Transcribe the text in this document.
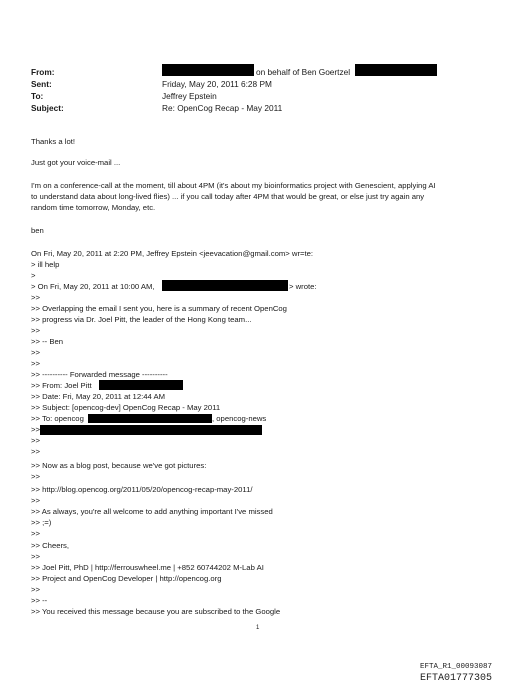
From:	on behalf of Ben Goertzel
Sent:	Friday, May 20, 2011 6:28 PM
To:	Jeffrey Epstein
Subject:	Re: OpenCog Recap - May 2011
Thanks a lot!
Just got your voice-mail ...
I'm on a conference-call at the moment, till about 4PM (it's about my bioinformatics project with Genescient, applying AI
to understand data about long-lived flies) ... if you call today after 4PM that would be great, or else just try again any
random time tomorrow, Monday, etc.
ben
On Fri, May 20, 2011 at 2:20 PM, Jeffrey Epstein <jeevacation@gmail.com> wr=te:
> ill help
>
> On Fri, May 20, 2011 at 10:00 AM,	> wrote:
>>
>> Overlapping the email I sent you, here is a summary of recent OpenCog
>> progress via Dr. Joel Pitt, the leader of the Hong Kong team...
>>
>> -- Ben
>>
>>
>> ---------- Forwarded message ----------
>> From: Joel Pitt
>> Date: Fri, May 20, 2011 at 12:44 AM
>> Subject: [opencog-dev] OpenCog Recap - May 2011
>> To: opencog	, opencog-news
>>
>>
>>
>> Now as a blog post, because we've got pictures:
>>
>> http://blog.opencog.org/2011/05/20/opencog-recap-may-2011/
>>
>> As always, you're all welcome to add anything important I've missed
>> ;=)
>>
>> Cheers,
>>
>> Joel Pitt, PhD | http://ferrouswheel.me | +852 60744202 M-Lab AI
>> Project and OpenCog Developer | http://opencog.org
>>
>> --
>> You received this message because you are subscribed to the Google
1
EFTA_R1_00093087
EFTA01777305
